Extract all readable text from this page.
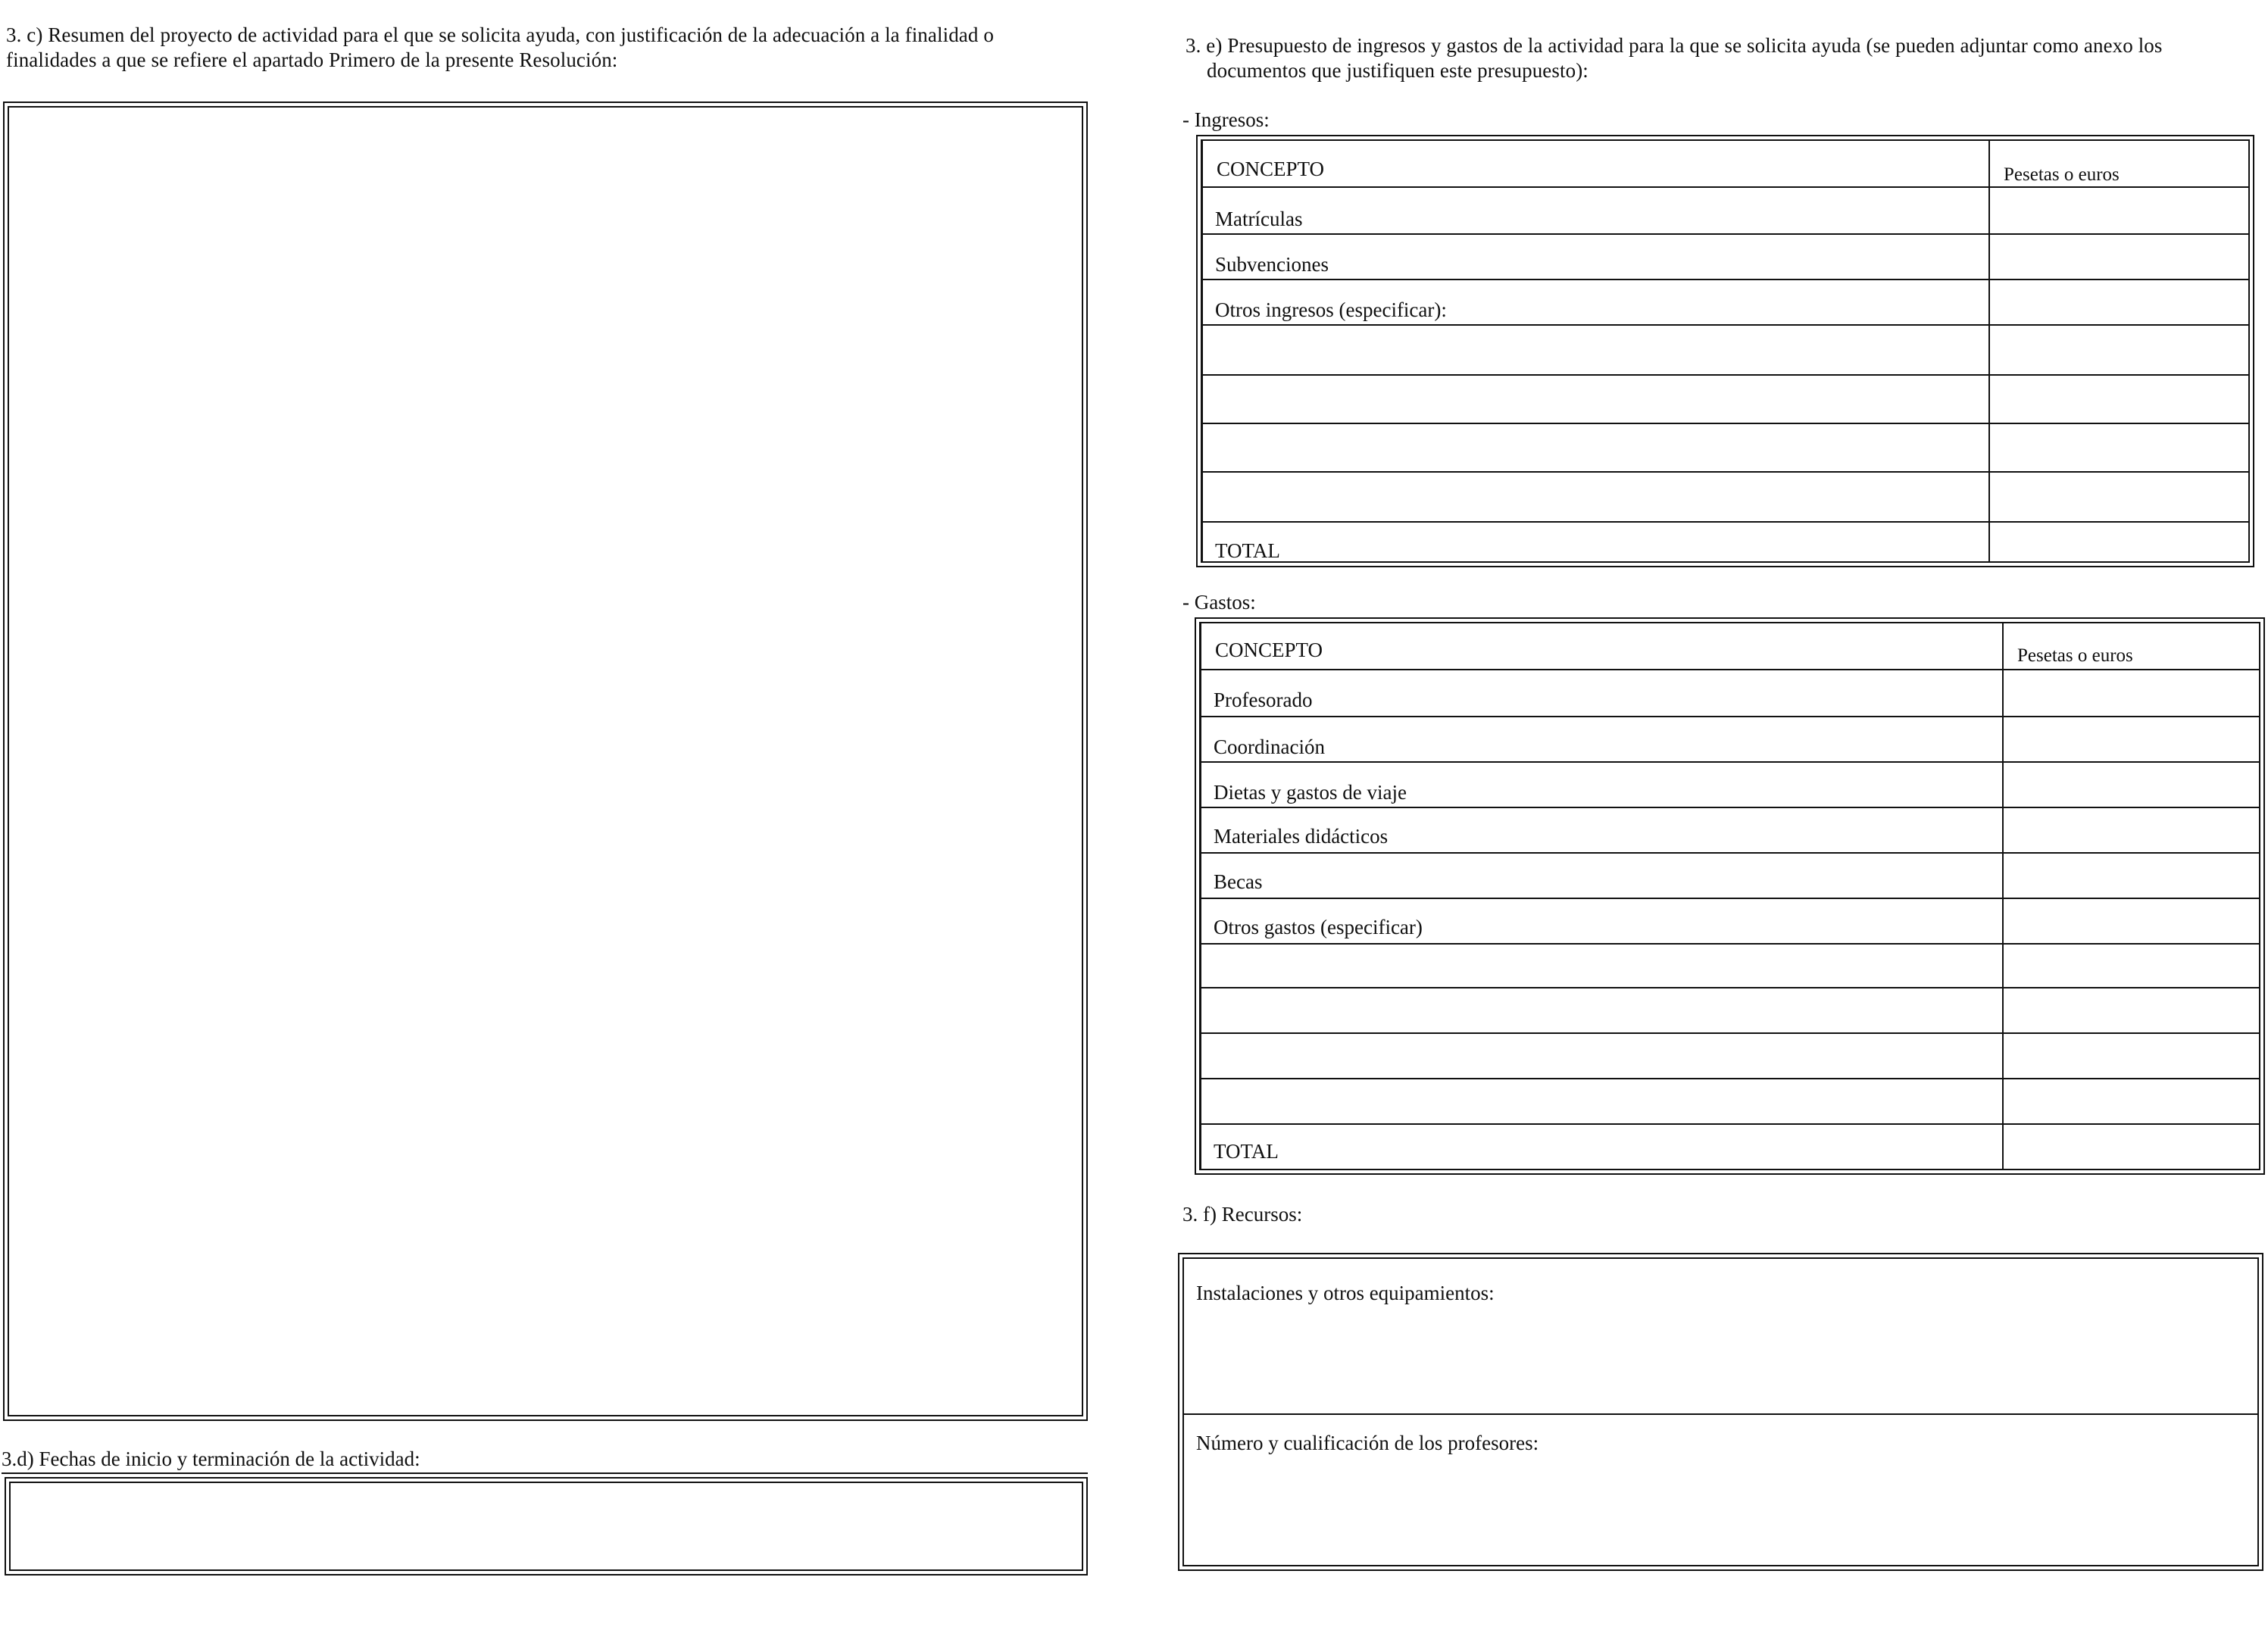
3. c) Resumen del proyecto de actividad para el que se solicita ayuda, con justificación de la adecuación a la finalidad o
finalidades a que se refiere el apartado Primero de la presente Resolución:
3.d) Fechas de inicio y terminación de la actividad:
3. e) Presupuesto de ingresos y gastos de la actividad para la que se solicita ayuda (se pueden adjuntar como anexo los
documentos que justifiquen este presupuesto):
- Ingresos:
CONCEPTO	Pesetas o euros
Matrículas
Subvenciones
Otros ingresos (especificar):
TOTAL
- Gastos:
CONCEPTO	Pesetas o euros
Profesorado
Coordinación
Dietas y gastos de viaje
Materiales didácticos
Becas
Otros gastos (especificar)
TOTAL
3. f) Recursos:
Instalaciones y otros equipamientos:
Número y cualificación de los profesores:
